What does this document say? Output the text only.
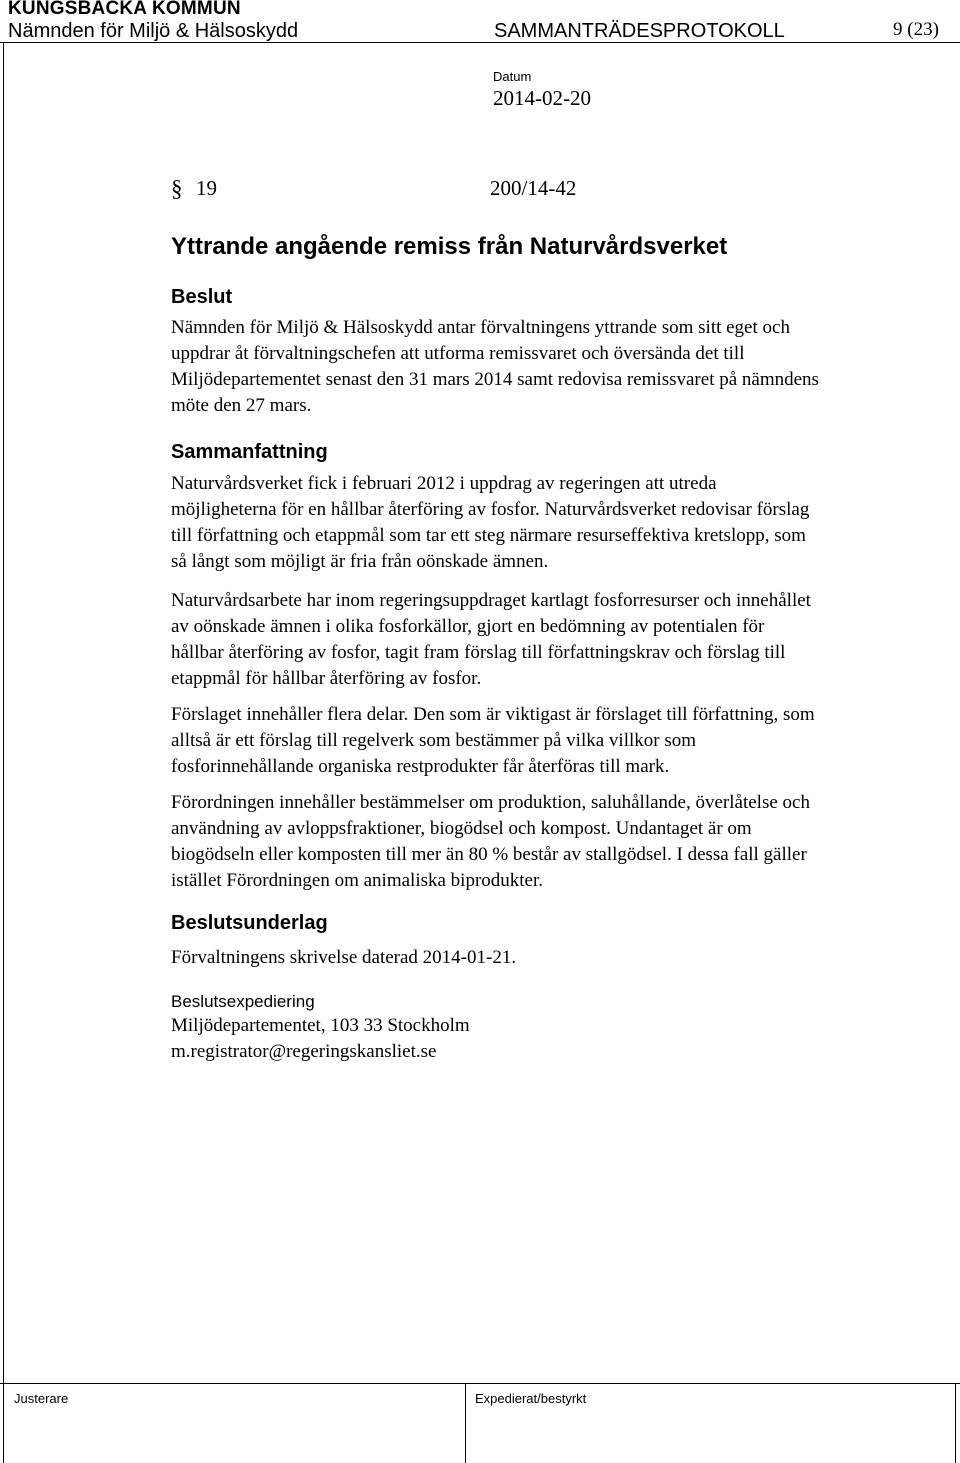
KUNGSBACKA KOMMUN
Nämnden för Miljö & Hälsoskydd	SAMMANTRÄDESPROTOKOLL	9 (23)
Datum
2014-02-20
§ 19	200/14-42
Yttrande angående remiss från Naturvårdsverket
Beslut
Nämnden för Miljö & Hälsoskydd antar förvaltningens yttrande som sitt eget och
uppdrar åt förvaltningschefen att utforma remissvaret och översända det till
Miljödepartementet senast den 31 mars 2014 samt redovisa remissvaret på nämndens
möte den 27 mars.
Sammanfattning
Naturvårdsverket fick i februari 2012 i uppdrag av regeringen att utreda
möjligheterna för en hållbar återföring av fosfor. Naturvårdsverket redovisar förslag
till författning och etappmål som tar ett steg närmare resurseffektiva kretslopp, som
så långt som möjligt är fria från oönskade ämnen.
Naturvårdsarbete har inom regeringsuppdraget kartlagt fosforresurser och innehållet
av oönskade ämnen i olika fosforkällor, gjort en bedömning av potentialen för
hållbar återföring av fosfor, tagit fram förslag till författningskrav och förslag till
etappmål för hållbar återföring av fosfor.
Förslaget innehåller flera delar. Den som är viktigast är förslaget till författning, som
alltså är ett förslag till regelverk som bestämmer på vilka villkor som
fosforinnehållande organiska restprodukter får återföras till mark.
Förordningen innehåller bestämmelser om produktion, saluhållande, överlåtelse och
användning av avloppsfraktioner, biogödsel och kompost. Undantaget är om
biogödseln eller komposten till mer än 80 % består av stallgödsel. I dessa fall gäller
istället Förordningen om animaliska biprodukter.
Beslutsunderlag
Förvaltningens skrivelse daterad 2014-01-21.
Beslutsexpediering
Miljödepartementet, 103 33 Stockholm
m.registrator@regeringskansliet.se
Justerare	Expedierat/bestyrkt
